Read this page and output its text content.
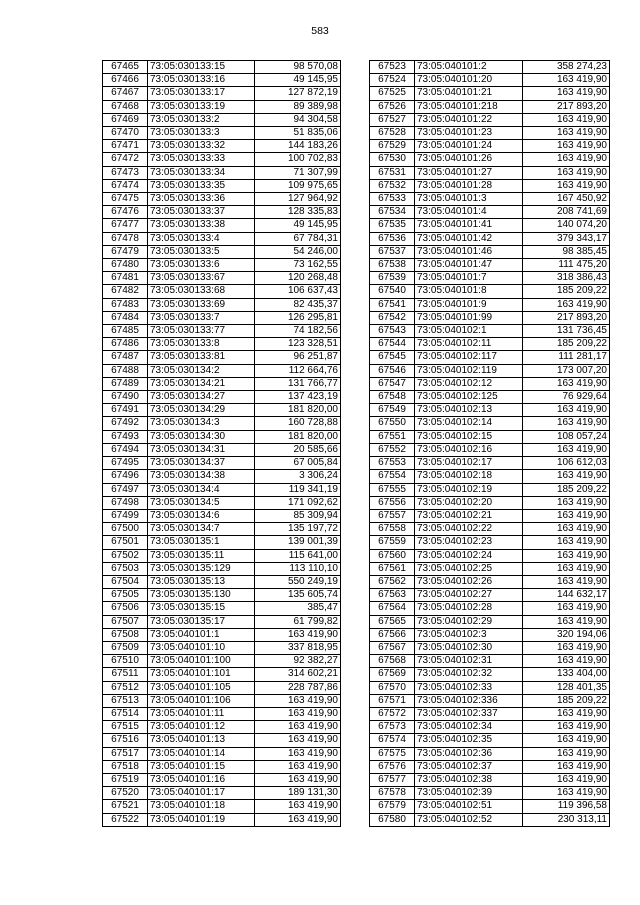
583
67465	73:05:030133:15	98 570,08
67466	73:05:030133:16	49 145,95
67467	73:05:030133:17	127 872,19
67468	73:05:030133:19	89 389,98
67469	73:05:030133:2	94 304,58
67470	73:05:030133:3	51 835,06
67471	73:05:030133:32	144 183,26
67472	73:05:030133:33	100 702,83
67473	73:05:030133:34	71 307,99
67474	73:05:030133:35	109 975,65
67475	73:05:030133:36	127 964,92
67476	73:05:030133:37	128 335,83
67477	73:05:030133:38	49 145,95
67478	73:05:030133:4	67 784,31
67479	73:05:030133:5	54 246,00
67480	73:05:030133:6	73 162,55
67481	73:05:030133:67	120 268,48
67482	73:05:030133:68	106 637,43
67483	73:05:030133:69	82 435,37
67484	73:05:030133:7	126 295,81
67485	73:05:030133:77	74 182,56
67486	73:05:030133:8	123 328,51
67487	73:05:030133:81	96 251,87
67488	73:05:030134:2	112 664,76
67489	73:05:030134:21	131 766,77
67490	73:05:030134:27	137 423,19
67491	73:05:030134:29	181 820,00
67492	73:05:030134:3	160 728,88
67493	73:05:030134:30	181 820,00
67494	73:05:030134:31	20 585,66
67495	73:05:030134:37	67 005,84
67496	73:05:030134:38	3 306,24
67497	73:05:030134:4	119 341,19
67498	73:05:030134:5	171 092,62
67499	73:05:030134:6	85 309,94
67500	73:05:030134:7	135 197,72
67501	73:05:030135:1	139 001,39
67502	73:05:030135:11	115 641,00
67503	73:05:030135:129	113 110,10
67504	73:05:030135:13	550 249,19
67505	73:05:030135:130	135 605,74
67506	73:05:030135:15	385,47
67507	73:05:030135:17	61 799,82
67508	73:05:040101:1	163 419,90
67509	73:05:040101:10	337 818,95
67510	73:05:040101:100	92 382,27
67511	73:05:040101:101	314 602,21
67512	73:05:040101:105	228 787,86
67513	73:05:040101:106	163 419,90
67514	73:05:040101:11	163 419,90
67515	73:05:040101:12	163 419,90
67516	73:05:040101:13	163 419,90
67517	73:05:040101:14	163 419,90
67518	73:05:040101:15	163 419,90
67519	73:05:040101:16	163 419,90
67520	73:05:040101:17	189 131,30
67521	73:05:040101:18	163 419,90
67522	73:05:040101:19	163 419,90
67523	73:05:040101:2	358 274,23
67524	73:05:040101:20	163 419,90
67525	73:05:040101:21	163 419,90
67526	73:05:040101:218	217 893,20
67527	73:05:040101:22	163 419,90
67528	73:05:040101:23	163 419,90
67529	73:05:040101:24	163 419,90
67530	73:05:040101:26	163 419,90
67531	73:05:040101:27	163 419,90
67532	73:05:040101:28	163 419,90
67533	73:05:040101:3	167 450,92
67534	73:05:040101:4	208 741,69
67535	73:05:040101:41	140 074,20
67536	73:05:040101:42	379 343,17
67537	73:05:040101:46	98 385,45
67538	73:05:040101:47	111 475,20
67539	73:05:040101:7	318 386,43
67540	73:05:040101:8	185 209,22
67541	73:05:040101:9	163 419,90
67542	73:05:040101:99	217 893,20
67543	73:05:040102:1	131 736,45
67544	73:05:040102:11	185 209,22
67545	73:05:040102:117	111 281,17
67546	73:05:040102:119	173 007,20
67547	73:05:040102:12	163 419,90
67548	73:05:040102:125	76 929,64
67549	73:05:040102:13	163 419,90
67550	73:05:040102:14	163 419,90
67551	73:05:040102:15	108 057,24
67552	73:05:040102:16	163 419,90
67553	73:05:040102:17	106 612,03
67554	73:05:040102:18	163 419,90
67555	73:05:040102:19	185 209,22
67556	73:05:040102:20	163 419,90
67557	73:05:040102:21	163 419,90
67558	73:05:040102:22	163 419,90
67559	73:05:040102:23	163 419,90
67560	73:05:040102:24	163 419,90
67561	73:05:040102:25	163 419,90
67562	73:05:040102:26	163 419,90
67563	73:05:040102:27	144 632,17
67564	73:05:040102:28	163 419,90
67565	73:05:040102:29	163 419,90
67566	73:05:040102:3	320 194,06
67567	73:05:040102:30	163 419,90
67568	73:05:040102:31	163 419,90
67569	73:05:040102:32	133 404,00
67570	73:05:040102:33	128 401,35
67571	73:05:040102:336	185 209,22
67572	73:05:040102:337	163 419,90
67573	73:05:040102:34	163 419,90
67574	73:05:040102:35	163 419,90
67575	73:05:040102:36	163 419,90
67576	73:05:040102:37	163 419,90
67577	73:05:040102:38	163 419,90
67578	73:05:040102:39	163 419,90
67579	73:05:040102:51	119 396,58
67580	73:05:040102:52	230 313,11
